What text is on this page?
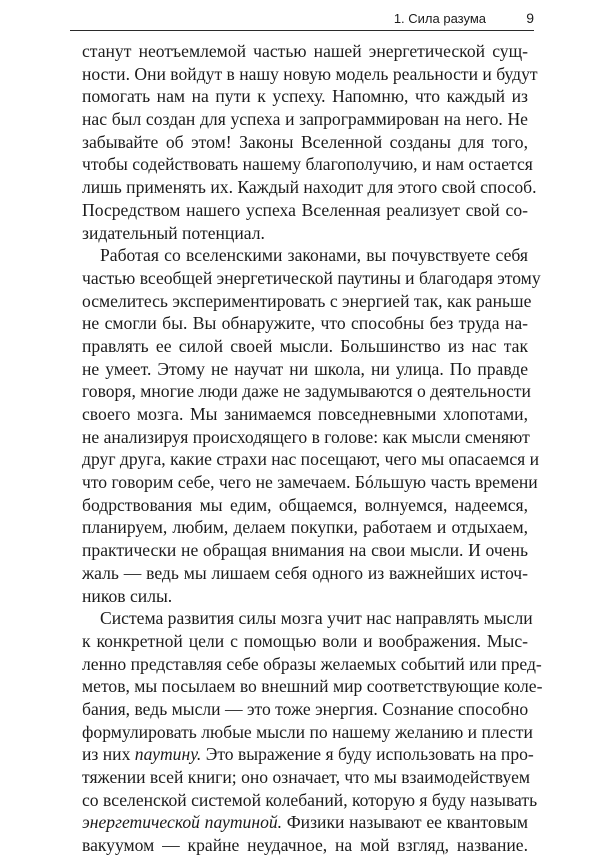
1. Сила разума	9
станут неотъемлемой частью нашей энергетической сущ-
ности. Они войдут в нашу новую модель реальности и будут
помогать нам на пути к успеху. Напомню, что каждый из
нас был создан для успеха и запрограммирован на него. Не
забывайте об этом! Законы Вселенной созданы для того,
чтобы содействовать нашему благополучию, и нам остается
лишь применять их. Каждый находит для этого свой способ.
Посредством нашего успеха Вселенная реализует свой со-
зидательный потенциал.
Работая со вселенскими законами, вы почувствуете себя
частью всеобщей энергетической паутины и благодаря этому
осмелитесь экспериментировать с энергией так, как раньше
не смогли бы. Вы обнаружите, что способны без труда на-
правлять ее силой своей мысли. Большинство из нас так
не умеет. Этому не научат ни школа, ни улица. По правде
говоря, многие люди даже не задумываются о деятельности
своего мозга. Мы занимаемся повседневными хлопотами,
не анализируя происходящего в голове: как мысли сменяют
друг друга, какие страхи нас посещают, чего мы опасаемся и
что говорим себе, чего не замечаем. Бóльшую часть времени
бодрствования мы едим, общаемся, волнуемся, надеемся,
планируем, любим, делаем покупки, работаем и отдыхаем,
практически не обращая внимания на свои мысли. И очень
жаль — ведь мы лишаем себя одного из важнейших источ-
ников силы.
Система развития силы мозга учит нас направлять мысли
к конкретной цели с помощью воли и воображения. Мыс-
ленно представляя себе образы желаемых событий или пред-
метов, мы посылаем во внешний мир соответствующие коле-
бания, ведь мысли — это тоже энергия. Сознание способно
формулировать любые мысли по нашему желанию и плести
из них паутину. Это выражение я буду использовать на про-
тяжении всей книги; оно означает, что мы взаимодействуем
со вселенской системой колебаний, которую я буду называть
энергетической паутиной. Физики называют ее квантовым
вакуумом — крайне неудачное, на мой взгляд, название.
